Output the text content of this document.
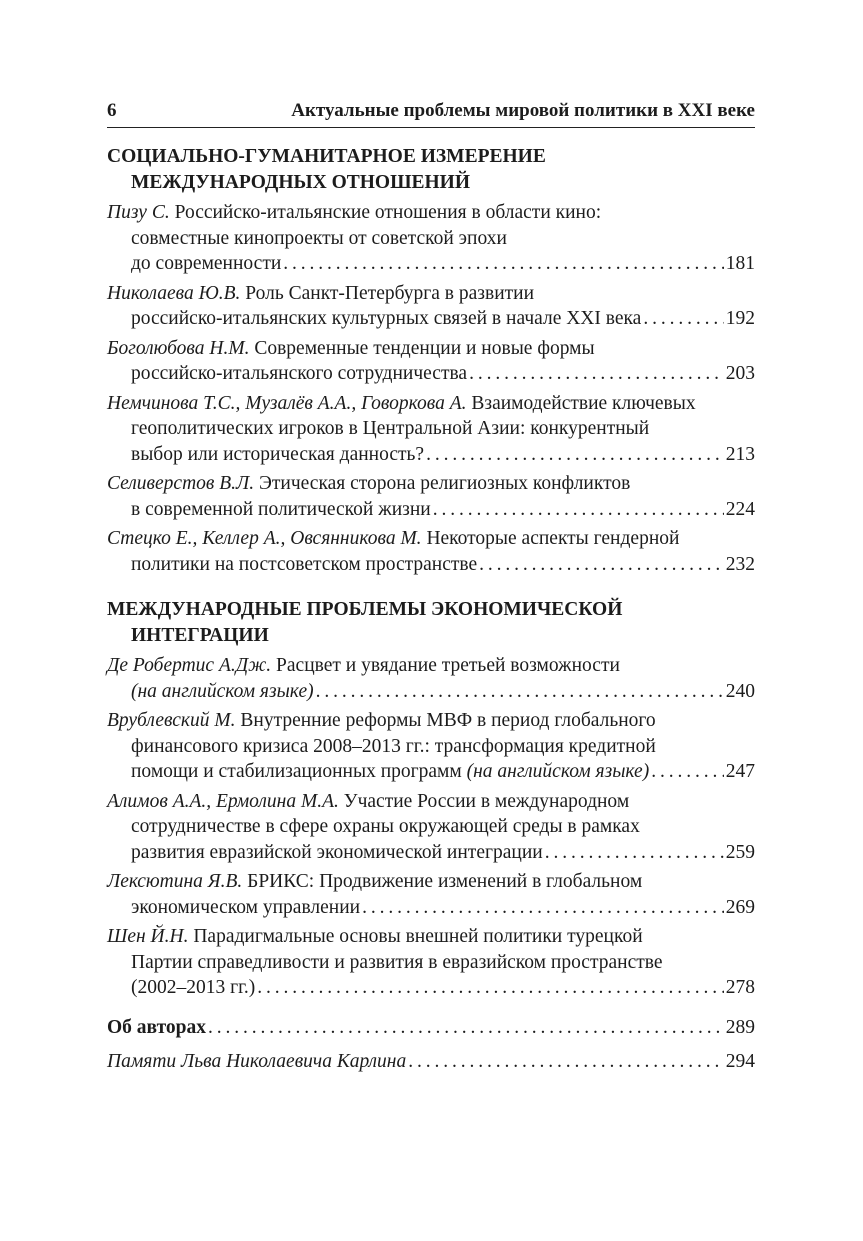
6	Актуальные проблемы мировой политики в XXI веке
СОЦИАЛЬНО-ГУМАНИТАРНОЕ ИЗМЕРЕНИЕ
МЕЖДУНАРОДНЫХ ОТНОШЕНИЙ
Пизу С. Российско-итальянские отношения в области кино:
совместные кинопроекты от советской эпохи
до современности . . .	181
Николаева Ю.В. Роль Санкт-Петербурга в развитии
российско-итальянских культурных связей в начале XXI века . . .	192
Боголюбова Н.М. Современные тенденции и новые формы
российско-итальянского сотрудничества . . .	203
Немчинова Т.С., Музалёв А.А., Говоркова А. Взаимодействие ключевых
геополитических игроков в Центральной Азии: конкурентный
выбор или историческая данность? . . .	213
Селиверстов В.Л. Этическая сторона религиозных конфликтов
в современной политической жизни . . .	224
Стецко Е., Келлер А., Овсянникова М. Некоторые аспекты гендерной
политики на постсоветском пространстве . . .	232
МЕЖДУНАРОДНЫЕ ПРОБЛЕМЫ ЭКОНОМИЧЕСКОЙ
ИНТЕГРАЦИИ
Де Робертис А.Дж. Расцвет и увядание третьей возможности
(на английском языке) . . .	240
Врублевский М. Внутренние реформы МВФ в период глобального
финансового кризиса 2008–2013 гг.: трансформация кредитной
помощи и стабилизационных программ (на английском языке) . . .	247
Алимов А.А., Ермолина М.А. Участие России в международном
сотрудничестве в сфере охраны окружающей среды в рамках
развития евразийской экономической интеграции . . .	259
Лексютина Я.В. БРИКС: Продвижение изменений в глобальном
экономическом управлении . . .	269
Шен Й.Н. Парадигмальные основы внешней политики турецкой
Партии справедливости и развития в евразийском пространстве
(2002–2013 гг.) . . .	278
Об авторах . . .	289
Памяти Льва Николаевича Карлина . . .	294
